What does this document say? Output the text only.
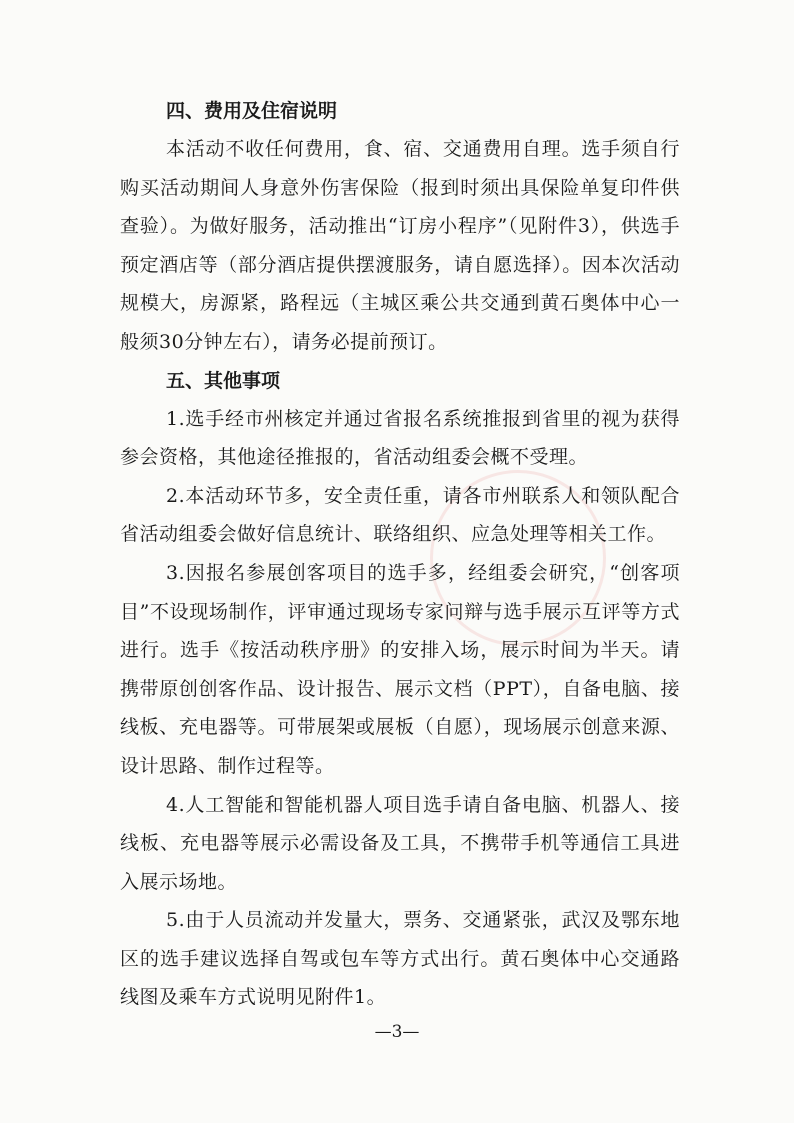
四、费用及住宿说明

本活动不收任何费用，食、宿、交通费用自理。选手须自行购买活动期间人身意外伤害保险（报到时须出具保险单复印件供查验）。为做好服务，活动推出“订房小程序”（见附件3），供选手预定酒店等（部分酒店提供摆渡服务，请自愿选择）。因本次活动规模大，房源紧，路程远（主城区乘公共交通到黄石奥体中心一般须30分钟左右），请务必提前预订。

五、其他事项

1.选手经市州核定并通过省报名系统推报到省里的视为获得参会资格，其他途径推报的，省活动组委会概不受理。

2.本活动环节多，安全责任重，请各市州联系人和领队配合省活动组委会做好信息统计、联络组织、应急处理等相关工作。

3.因报名参展创客项目的选手多，经组委会研究，“创客项目”不设现场制作，评审通过现场专家问辩与选手展示互评等方式进行。选手《按活动秩序册》的安排入场，展示时间为半天。请携带原创创客作品、设计报告、展示文档（PPT），自备电脑、接线板、充电器等。可带展架或展板（自愿），现场展示创意来源、设计思路、制作过程等。

4.人工智能和智能机器人项目选手请自备电脑、机器人、接线板、充电器等展示必需设备及工具，不携带手机等通信工具进入展示场地。

5.由于人员流动并发量大，票务、交通紧张，武汉及鄂东地区的选手建议选择自驾或包车等方式出行。黄石奥体中心交通路线图及乘车方式说明见附件1。

—3—
